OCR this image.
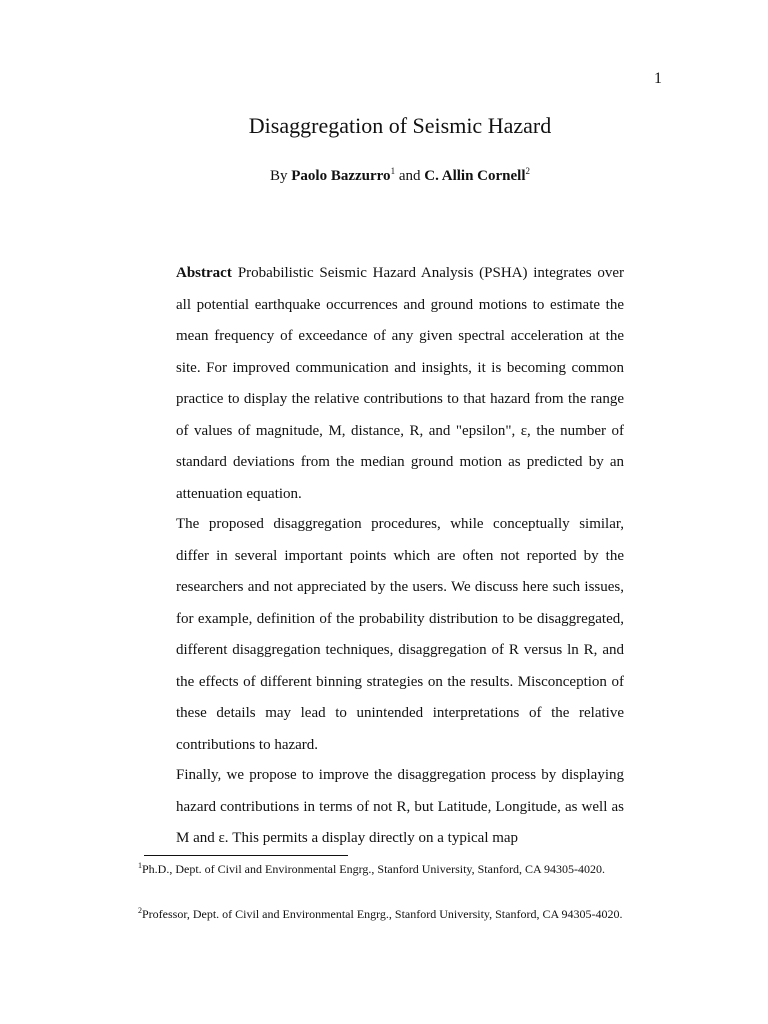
1
Disaggregation of Seismic Hazard
By Paolo Bazzurro$^1$ and C. Allin Cornell$^2$
Abstract Probabilistic Seismic Hazard Analysis (PSHA) integrates over all potential earthquake occurrences and ground motions to estimate the mean frequency of exceedance of any given spectral acceleration at the site. For improved communication and insights, it is becoming common practice to display the relative contributions to that hazard from the range of values of magnitude, M, distance, R, and "epsilon", ε, the number of standard deviations from the median ground motion as predicted by an attenuation equation.
The proposed disaggregation procedures, while conceptually similar, differ in several important points which are often not reported by the researchers and not appreciated by the users. We discuss here such issues, for example, definition of the probability distribution to be disaggregated, different disaggregation techniques, disaggregation of R versus ln R, and the effects of different binning strategies on the results. Misconception of these details may lead to unintended interpretations of the relative contributions to hazard.
Finally, we propose to improve the disaggregation process by displaying hazard contributions in terms of not R, but Latitude, Longitude, as well as M and ε. This permits a display directly on a typical map
$^1$Ph.D., Dept. of Civil and Environmental Engrg., Stanford University, Stanford, CA 94305-4020.
$^2$Professor, Dept. of Civil and Environmental Engrg., Stanford University, Stanford, CA 94305-4020.
